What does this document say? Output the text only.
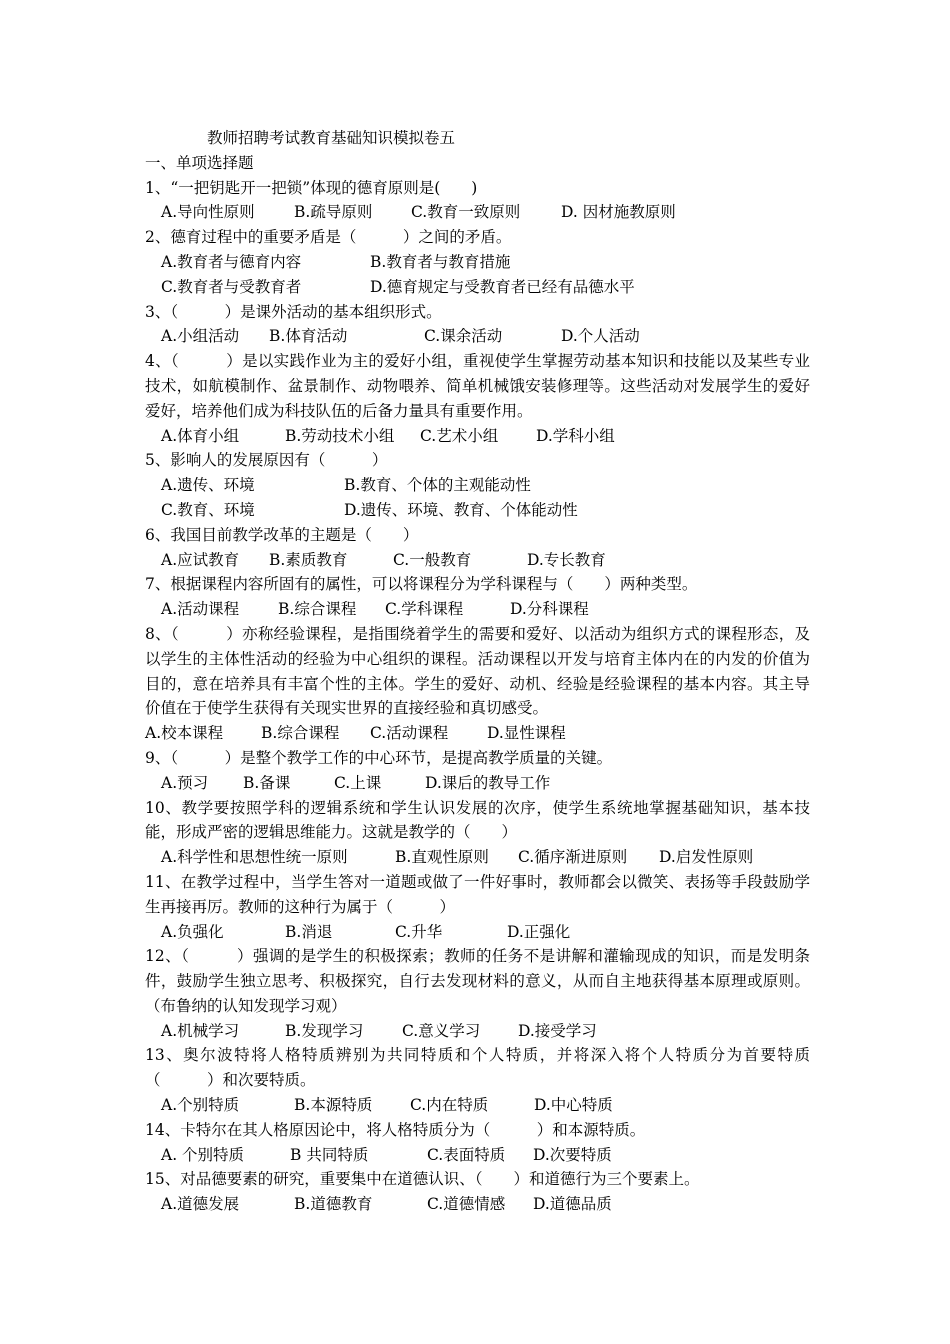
教师招聘考试教育基础知识模拟卷五
一、单项选择题
1、“一把钥匙开一把锁”体现的德育原则是(　　)
A.导向性原则	B.疏导原则 C.教育一致原则	D. 因材施教原则
2、德育过程中的重要矛盾是（　　　）之间的矛盾。
A.教育者与德育内容	B.教育者与教育措施
C.教育者与受教育者	D.德育规定与受教育者已经有品德水平
3、（　　　）是课外活动的基本组织形式。
A.小组活动 B.体育活动	C.课余活动	D.个人活动
4、（　　　）是以实践作业为主的爱好小组，重视使学生掌握劳动基本知识和技能以及某些专业技术，如航模制作、盆景制作、动物喂养、简单机械饿安装修理等。这些活动对发展学生的爱好爱好，培养他们成为科技队伍的后备力量具有重要作用。
A.体育小组	B.劳动技术小组 C.艺术小组 D.学科小组
5、影响人的发展原因有（　　　）
A.遗传、环境	B.教育、个体的主观能动性
C.教育、环境	D.遗传、环境、教育、个体能动性
6、我国目前教学改革的主题是（　　）
A.应试教育 B.素质教育	C.一般教育	D.专长教育
7、根据课程内容所固有的属性，可以将课程分为学科课程与（　　）两种类型。
A.活动课程	B.综合课程 C.学科课程	D.分科课程
8、（　　　）亦称经验课程，是指围绕着学生的需要和爱好、以活动为组织方式的课程形态，及以学生的主体性活动的经验为中心组织的课程。活动课程以开发与培育主体内在的内发的价值为目的，意在培养具有丰富个性的主体。学生的爱好、动机、经验是经验课程的基本内容。其主导价值在于使学生获得有关现实世界的直接经验和真切感受。
A.校本课程 B.综合课程 C.活动课程	D.显性课程
9、（　　　）是整个教学工作的中心环节，是提高教学质量的关键。
A.预习 B.备课	C.上课	D.课后的教导工作
10、教学要按照学科的逻辑系统和学生认识发展的次序，使学生系统地掌握基础知识，基本技能，形成严密的逻辑思维能力。这就是教学的（　　）
A.科学性和思想性统一原则	B.直观性原则 C.循序渐进原则 D.启发性原则
11、在教学过程中，当学生答对一道题或做了一件好事时，教师都会以微笑、表扬等手段鼓励学生再接再厉。教师的这种行为属于（　　　）
A.负强化	B.消退	C.升华	D.正强化
12、（　　　）强调的是学生的积极探索；教师的任务不是讲解和灌输现成的知识，而是发明条件，鼓励学生独立思考、积极探究，自行去发现材料的意义，从而自主地获得基本原理或原则。（布鲁纳的认知发现学习观）
A.机械学习	B.发现学习 C.意义学习 D.接受学习
13、奥尔波特将人格特质辨别为共同特质和个人特质，并将深入将个人特质分为首要特质（　　　）和次要特质。
A.个别特质	B.本源特质 C.内在特质	D.中心特质
14、卡特尔在其人格原因论中，将人格特质分为（　　　）和本源特质。
A. 个别特质	B 共同特质	C.表面特质 D.次要特质
15、对品德要素的研究，重要集中在道德认识、（　　）和道德行为三个要素上。
A.道德发展	B.道德教育	C.道德情感 D.道德品质
